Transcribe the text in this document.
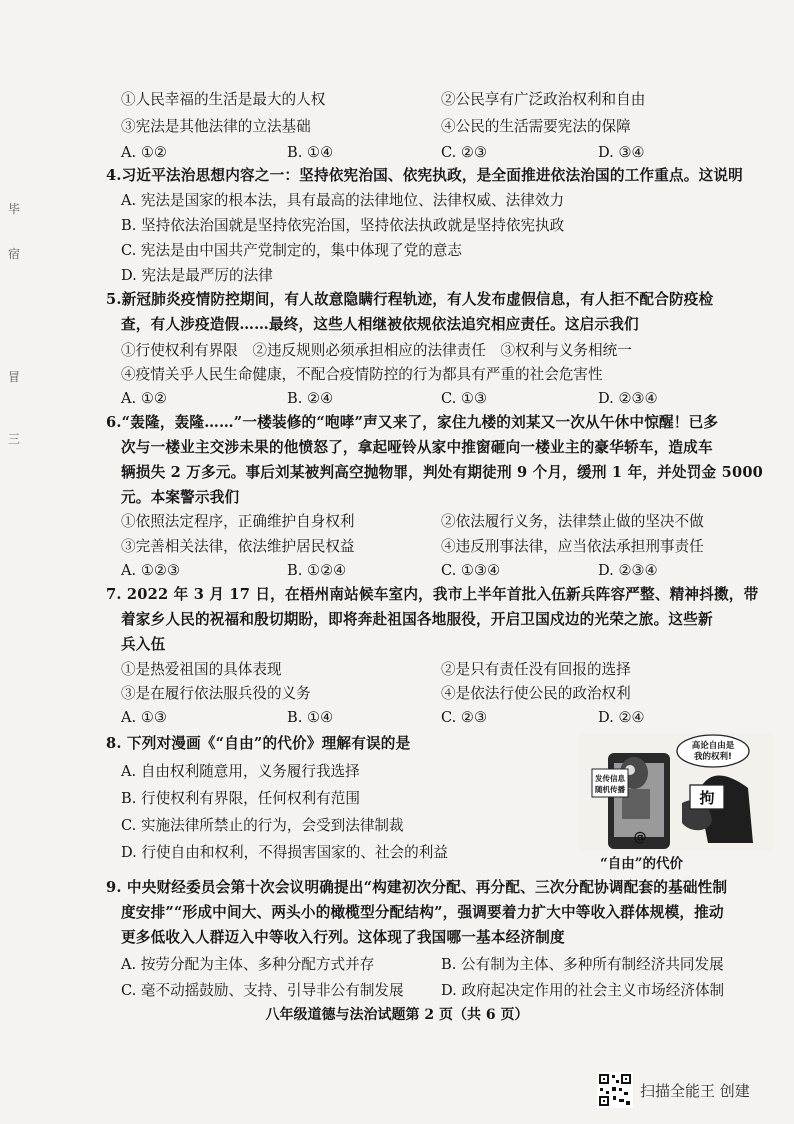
毕
宿
冒
三
①人民幸福的生活是最大的人权	②公民享有广泛政治权利和自由
③宪法是其他法律的立法基础	④公民的生活需要宪法的保障
A. ①②	B. ①④	C. ②③	D. ③④
4.习近平法治思想内容之一：坚持依宪治国、依宪执政，是全面推进依法治国的工作重点。这说明
A. 宪法是国家的根本法，具有最高的法律地位、法律权威、法律效力
B. 坚持依法治国就是坚持依宪治国，坚持依法执政就是坚持依宪执政
C. 宪法是由中国共产党制定的，集中体现了党的意志
D. 宪法是最严厉的法律
5.新冠肺炎疫情防控期间，有人故意隐瞒行程轨迹，有人发布虚假信息，有人拒不配合防疫检
查，有人涉疫造假……最终，这些人相继被依规依法追究相应责任。这启示我们
①行使权利有界限　②违反规则必须承担相应的法律责任　③权利与义务相统一
④疫情关乎人民生命健康，不配合疫情防控的行为都具有严重的社会危害性
A. ①②	B. ②④	C. ①③	D. ②③④
6.“轰隆，轰隆……”一楼装修的“咆哮”声又来了，家住九楼的刘某又一次从午休中惊醒！已多
次与一楼业主交涉未果的他愤怒了，拿起哑铃从家中推窗砸向一楼业主的豪华轿车，造成车
辆损失 2 万多元。事后刘某被判高空抛物罪，判处有期徒刑 9 个月，缓刑 1 年，并处罚金 5000
元。本案警示我们
①依照法定程序，正确维护自身权利	②依法履行义务，法律禁止做的坚决不做
③完善相关法律，依法维护居民权益	④违反刑事法律，应当依法承担刑事责任
A. ①②③	B. ①②④	C. ①③④	D. ②③④
7. 2022 年 3 月 17 日，在梧州南站候车室内，我市上半年首批入伍新兵阵容严整、精神抖擞，带
着家乡人民的祝福和殷切期盼，即将奔赴祖国各地服役，开启卫国戍边的光荣之旅。这些新
兵入伍
①是热爱祖国的具体表现	②是只有责任没有回报的选择
③是在履行依法服兵役的义务	④是依法行使公民的政治权利
A. ①③	B. ①④	C. ②③	D. ②④
8. 下列对漫画《“自由”的代价》理解有误的是
A. 自由权利随意用，义务履行我选择
B. 行使权利有界限，任何权利有范围
C. 实施法律所禁止的行为，会受到法律制裁
D. 行使自由和权利，不得损害国家的、社会的利益
高论自由是
我的权利!
发传信息
随机传播	拘
@
“自由”的代价
9. 中央财经委员会第十次会议明确提出“构建初次分配、再分配、三次分配协调配套的基础性制
度安排”“形成中间大、两头小的橄榄型分配结构”，强调要着力扩大中等收入群体规模，推动
更多低收入人群迈入中等收入行列。这体现了我国哪一基本经济制度
A. 按劳分配为主体、多种分配方式并存	B. 公有制为主体、多种所有制经济共同发展
C. 毫不动摇鼓励、支持、引导非公有制发展	D. 政府起决定作用的社会主义市场经济体制
八年级道德与法治试题第 2 页（共 6 页）
扫描全能王 创建
